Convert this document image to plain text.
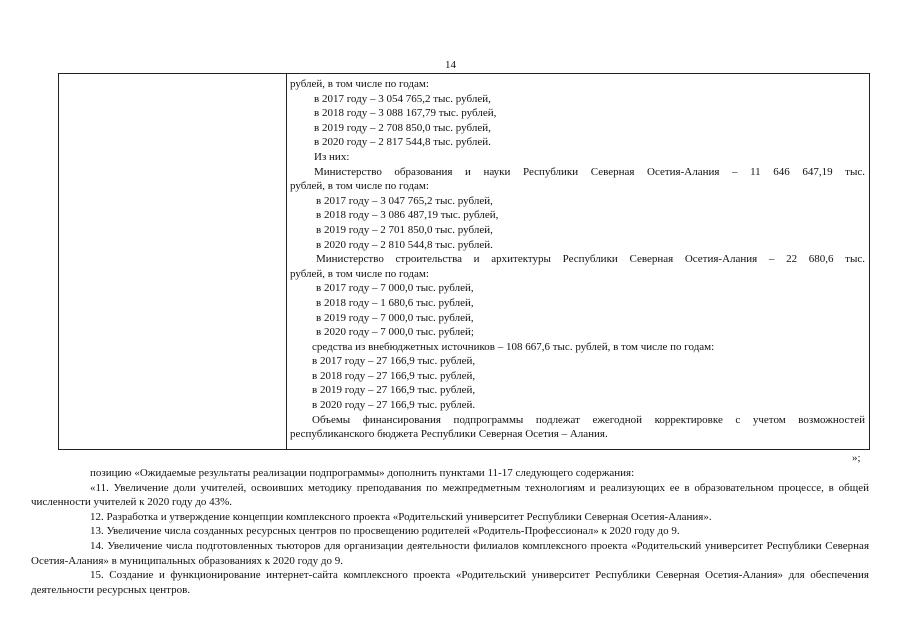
14
рублей, в том числе по годам:
в 2017 году – 3 054 765,2 тыс. рублей,
в 2018 году – 3 088 167,79 тыс. рублей,
в 2019 году – 2 708 850,0 тыс. рублей,
в 2020 году – 2 817 544,8 тыс. рублей.
Из них:
Министерство образования и науки Республики Северная Осетия-Алания – 11 646 647,19 тыс.
рублей, в том числе по годам:
в 2017 году – 3 047 765,2 тыс. рублей,
в 2018 году – 3 086 487,19 тыс. рублей,
в 2019 году – 2 701 850,0 тыс. рублей,
в 2020 году – 2 810 544,8 тыс. рублей.
Министерство строительства и архитектуры Республики Северная Осетия-Алания – 22 680,6 тыс.
рублей, в том числе по годам:
в 2017 году – 7 000,0 тыс. рублей,
в 2018 году – 1 680,6 тыс. рублей,
в 2019 году – 7 000,0 тыс. рублей,
в 2020 году – 7 000,0 тыс. рублей;
средства из внебюджетных источников – 108 667,6 тыс. рублей, в том числе по годам:
в 2017 году – 27 166,9 тыс. рублей,
в 2018 году – 27 166,9 тыс. рублей,
в 2019 году – 27 166,9 тыс. рублей,
в 2020 году – 27 166,9 тыс. рублей.
Объемы финансирования подпрограммы подлежат ежегодной корректировке с учетом возможностей
республиканского бюджета Республики Северная Осетия – Алания.
»;

позицию «Ожидаемые результаты реализации подпрограммы» дополнить пунктами 11-17 следующего содержания:

«11. Увеличение доли учителей, освоивших методику преподавания по межпредметным технологиям и реализующих ее в образовательном процессе, в общей численности учителей к 2020 году до 43%.

12. Разработка и утверждение концепции комплексного проекта «Родительский университет Республики Северная Осетия-Алания».

13. Увеличение числа созданных ресурсных центров по просвещению родителей «Родитель-Профессионал» к 2020 году до 9.

14. Увеличение числа подготовленных тьюторов для организации деятельности филиалов комплексного проекта «Родительский университет Республики Северная Осетия-Алания» в муниципальных образованиях к 2020 году до 9.

15. Создание и функционирование интернет-сайта комплексного проекта «Родительский университет Республики Северная Осетия-Алания» для обеспечения деятельности ресурсных центров.
